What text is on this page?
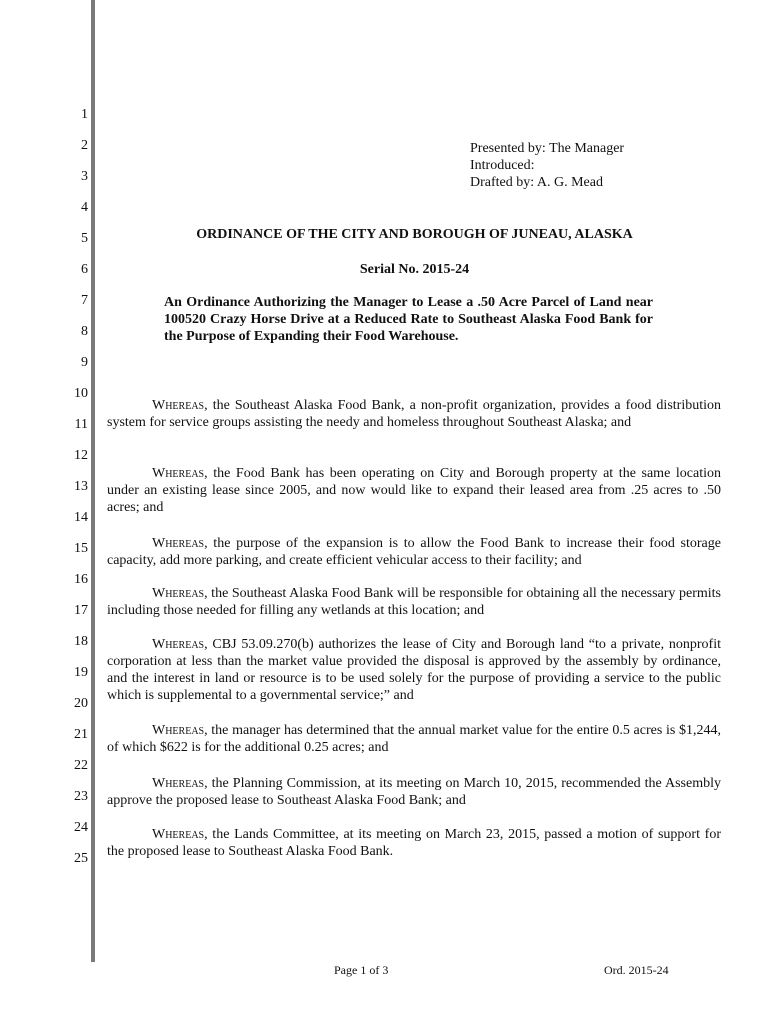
1
2
3
4
5
6
7
8
9
10
11
12
13
14
15
16
17
18
19
20
21
22
23
24
25
Presented by: The Manager
Introduced:
Drafted by: A. G. Mead
ORDINANCE OF THE CITY AND BOROUGH OF JUNEAU, ALASKA
Serial No. 2015-24
An Ordinance Authorizing the Manager to Lease a .50 Acre Parcel of Land near 100520 Crazy Horse Drive at a Reduced Rate to Southeast Alaska Food Bank for the Purpose of Expanding their Food Warehouse.
Whereas, the Southeast Alaska Food Bank, a non-profit organization, provides a food distribution system for service groups assisting the needy and homeless throughout Southeast Alaska; and
Whereas, the Food Bank has been operating on City and Borough property at the same location under an existing lease since 2005, and now would like to expand their leased area from .25 acres to .50 acres; and
Whereas, the purpose of the expansion is to allow the Food Bank to increase their food storage capacity, add more parking, and create efficient vehicular access to their facility; and
Whereas, the Southeast Alaska Food Bank will be responsible for obtaining all the necessary permits including those needed for filling any wetlands at this location; and
Whereas, CBJ 53.09.270(b) authorizes the lease of City and Borough land “to a private, nonprofit corporation at less than the market value provided the disposal is approved by the assembly by ordinance, and the interest in land or resource is to be used solely for the purpose of providing a service to the public which is supplemental to a governmental service;” and
Whereas, the manager has determined that the annual market value for the entire 0.5 acres is $1,244, of which $622 is for the additional 0.25 acres; and
Whereas, the Planning Commission, at its meeting on March 10, 2015, recommended the Assembly approve the proposed lease to Southeast Alaska Food Bank; and
Whereas, the Lands Committee, at its meeting on March 23, 2015, passed a motion of support for the proposed lease to Southeast Alaska Food Bank.
Page 1 of 3	Ord. 2015-24
